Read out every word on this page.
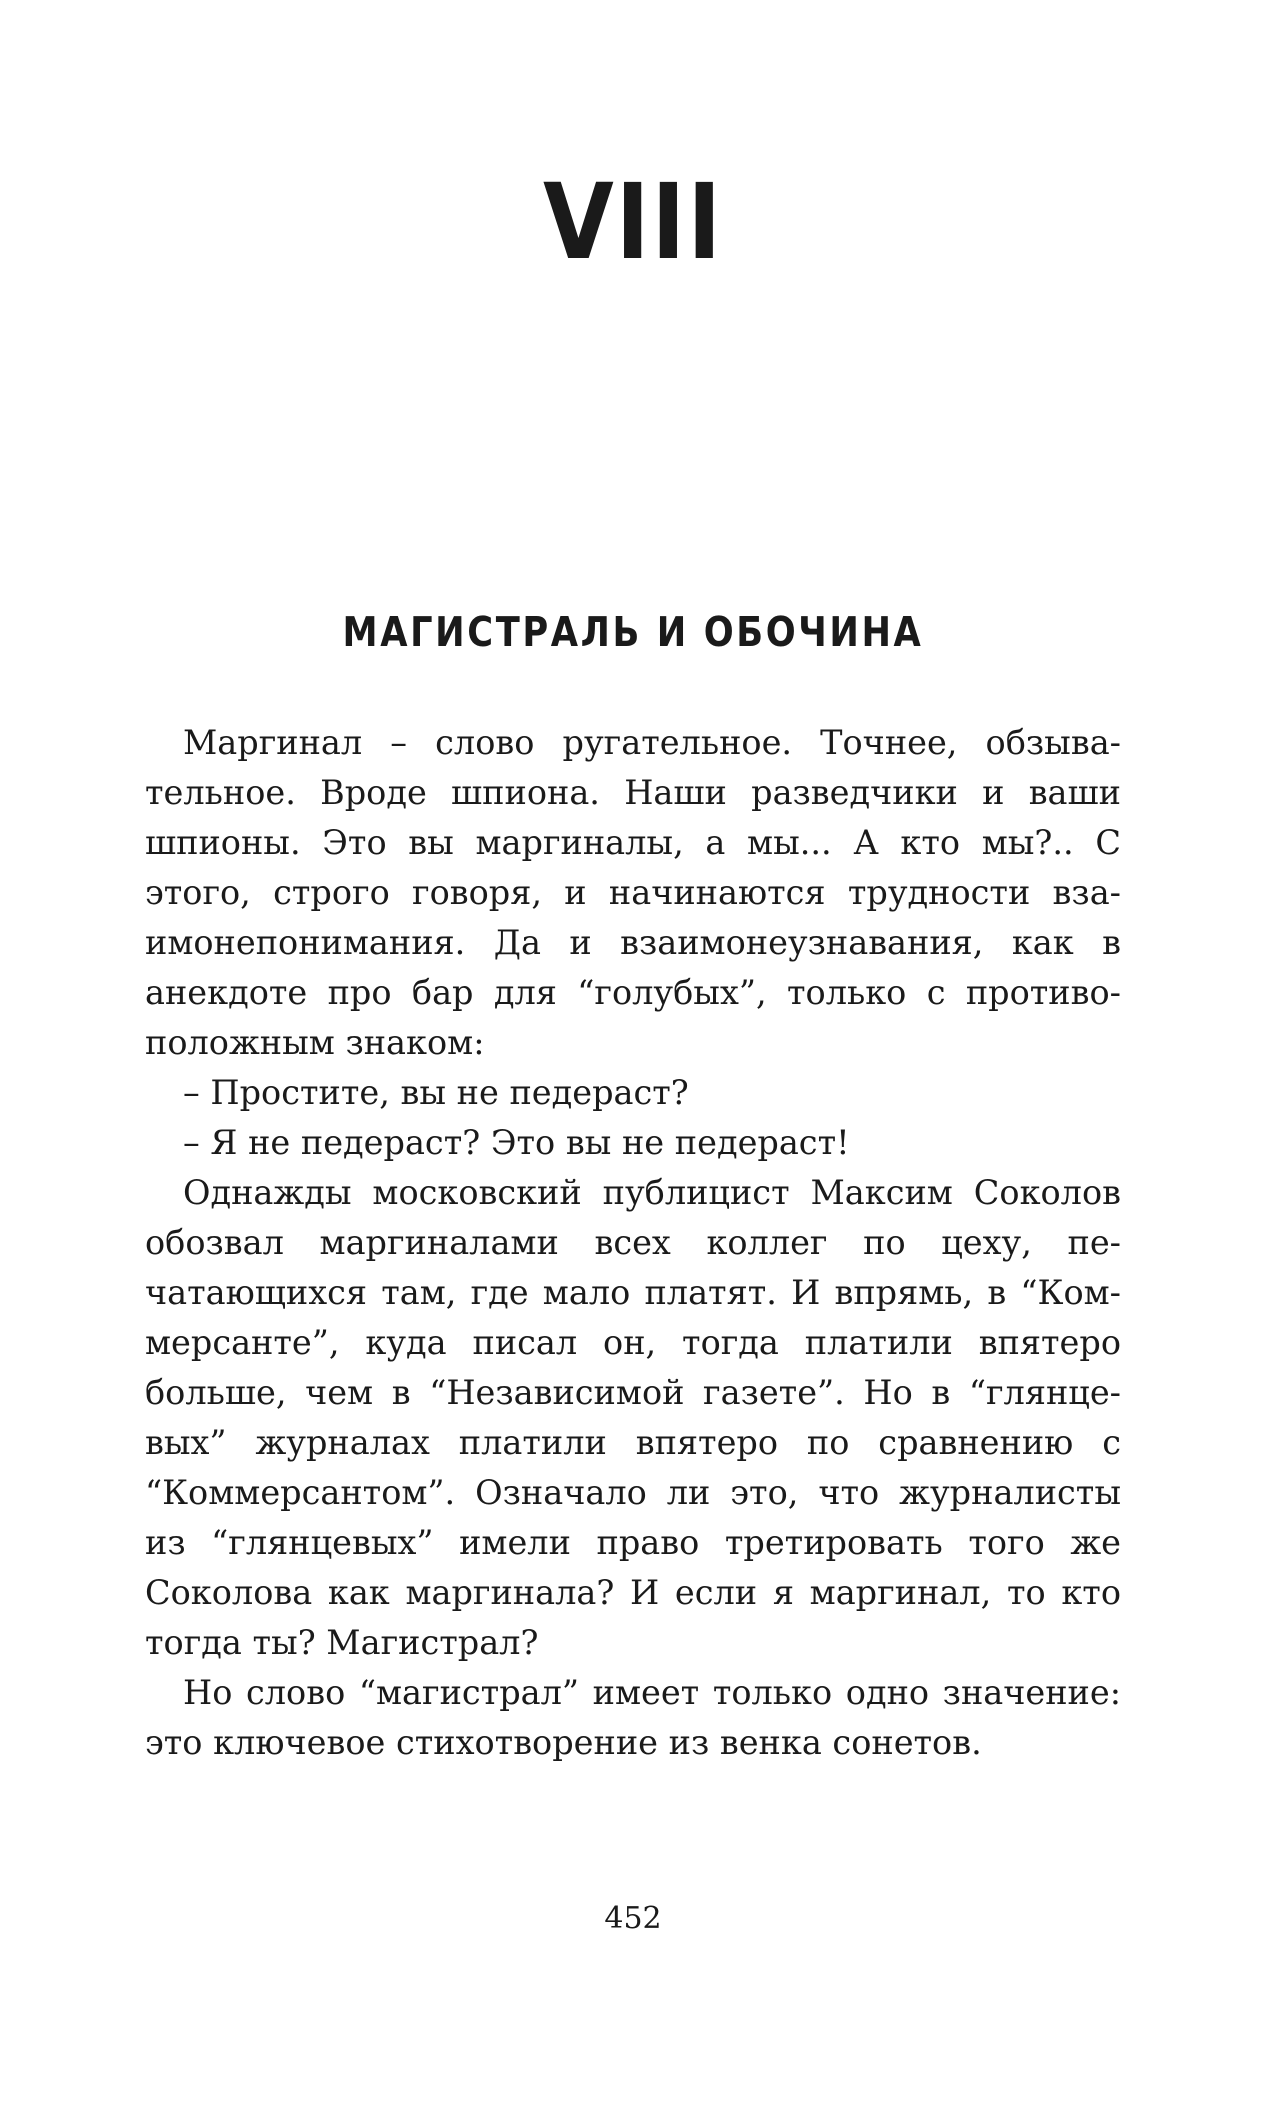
VIII
МАГИСТРАЛЬ И ОБОЧИНА

Маргинал – слово ругательное. Точнее, обзывательное. Вроде шпиона. Наши разведчики и ваши шпионы. Это вы маргиналы, а мы... А кто мы?.. С этого, строго говоря, и начинаются трудности взаимонепонимания. Да и взаимонеузнавания, как в анекдоте про бар для “голубых”, только с противоположным знаком:

– Простите, вы не педераст?

– Я не педераст? Это вы не педераст!

Однажды московский публицист Максим Соколов обозвал маргиналами всех коллег по цеху, печатающихся там, где мало платят. И впрямь, в “Коммерсанте”, куда писал он, тогда платили впятеро больше, чем в “Независимой газете”. Но в “глянцевых” журналах платили впятеро по сравнению с “Коммерсантом”. Означало ли это, что журналисты из “глянцевых” имели право третировать того же Соколова как маргинала? И если я маргинал, то кто тогда ты? Магистрал?

Но слово “магистрал” имеет только одно значение: это ключевое стихотворение из венка сонетов.

452
